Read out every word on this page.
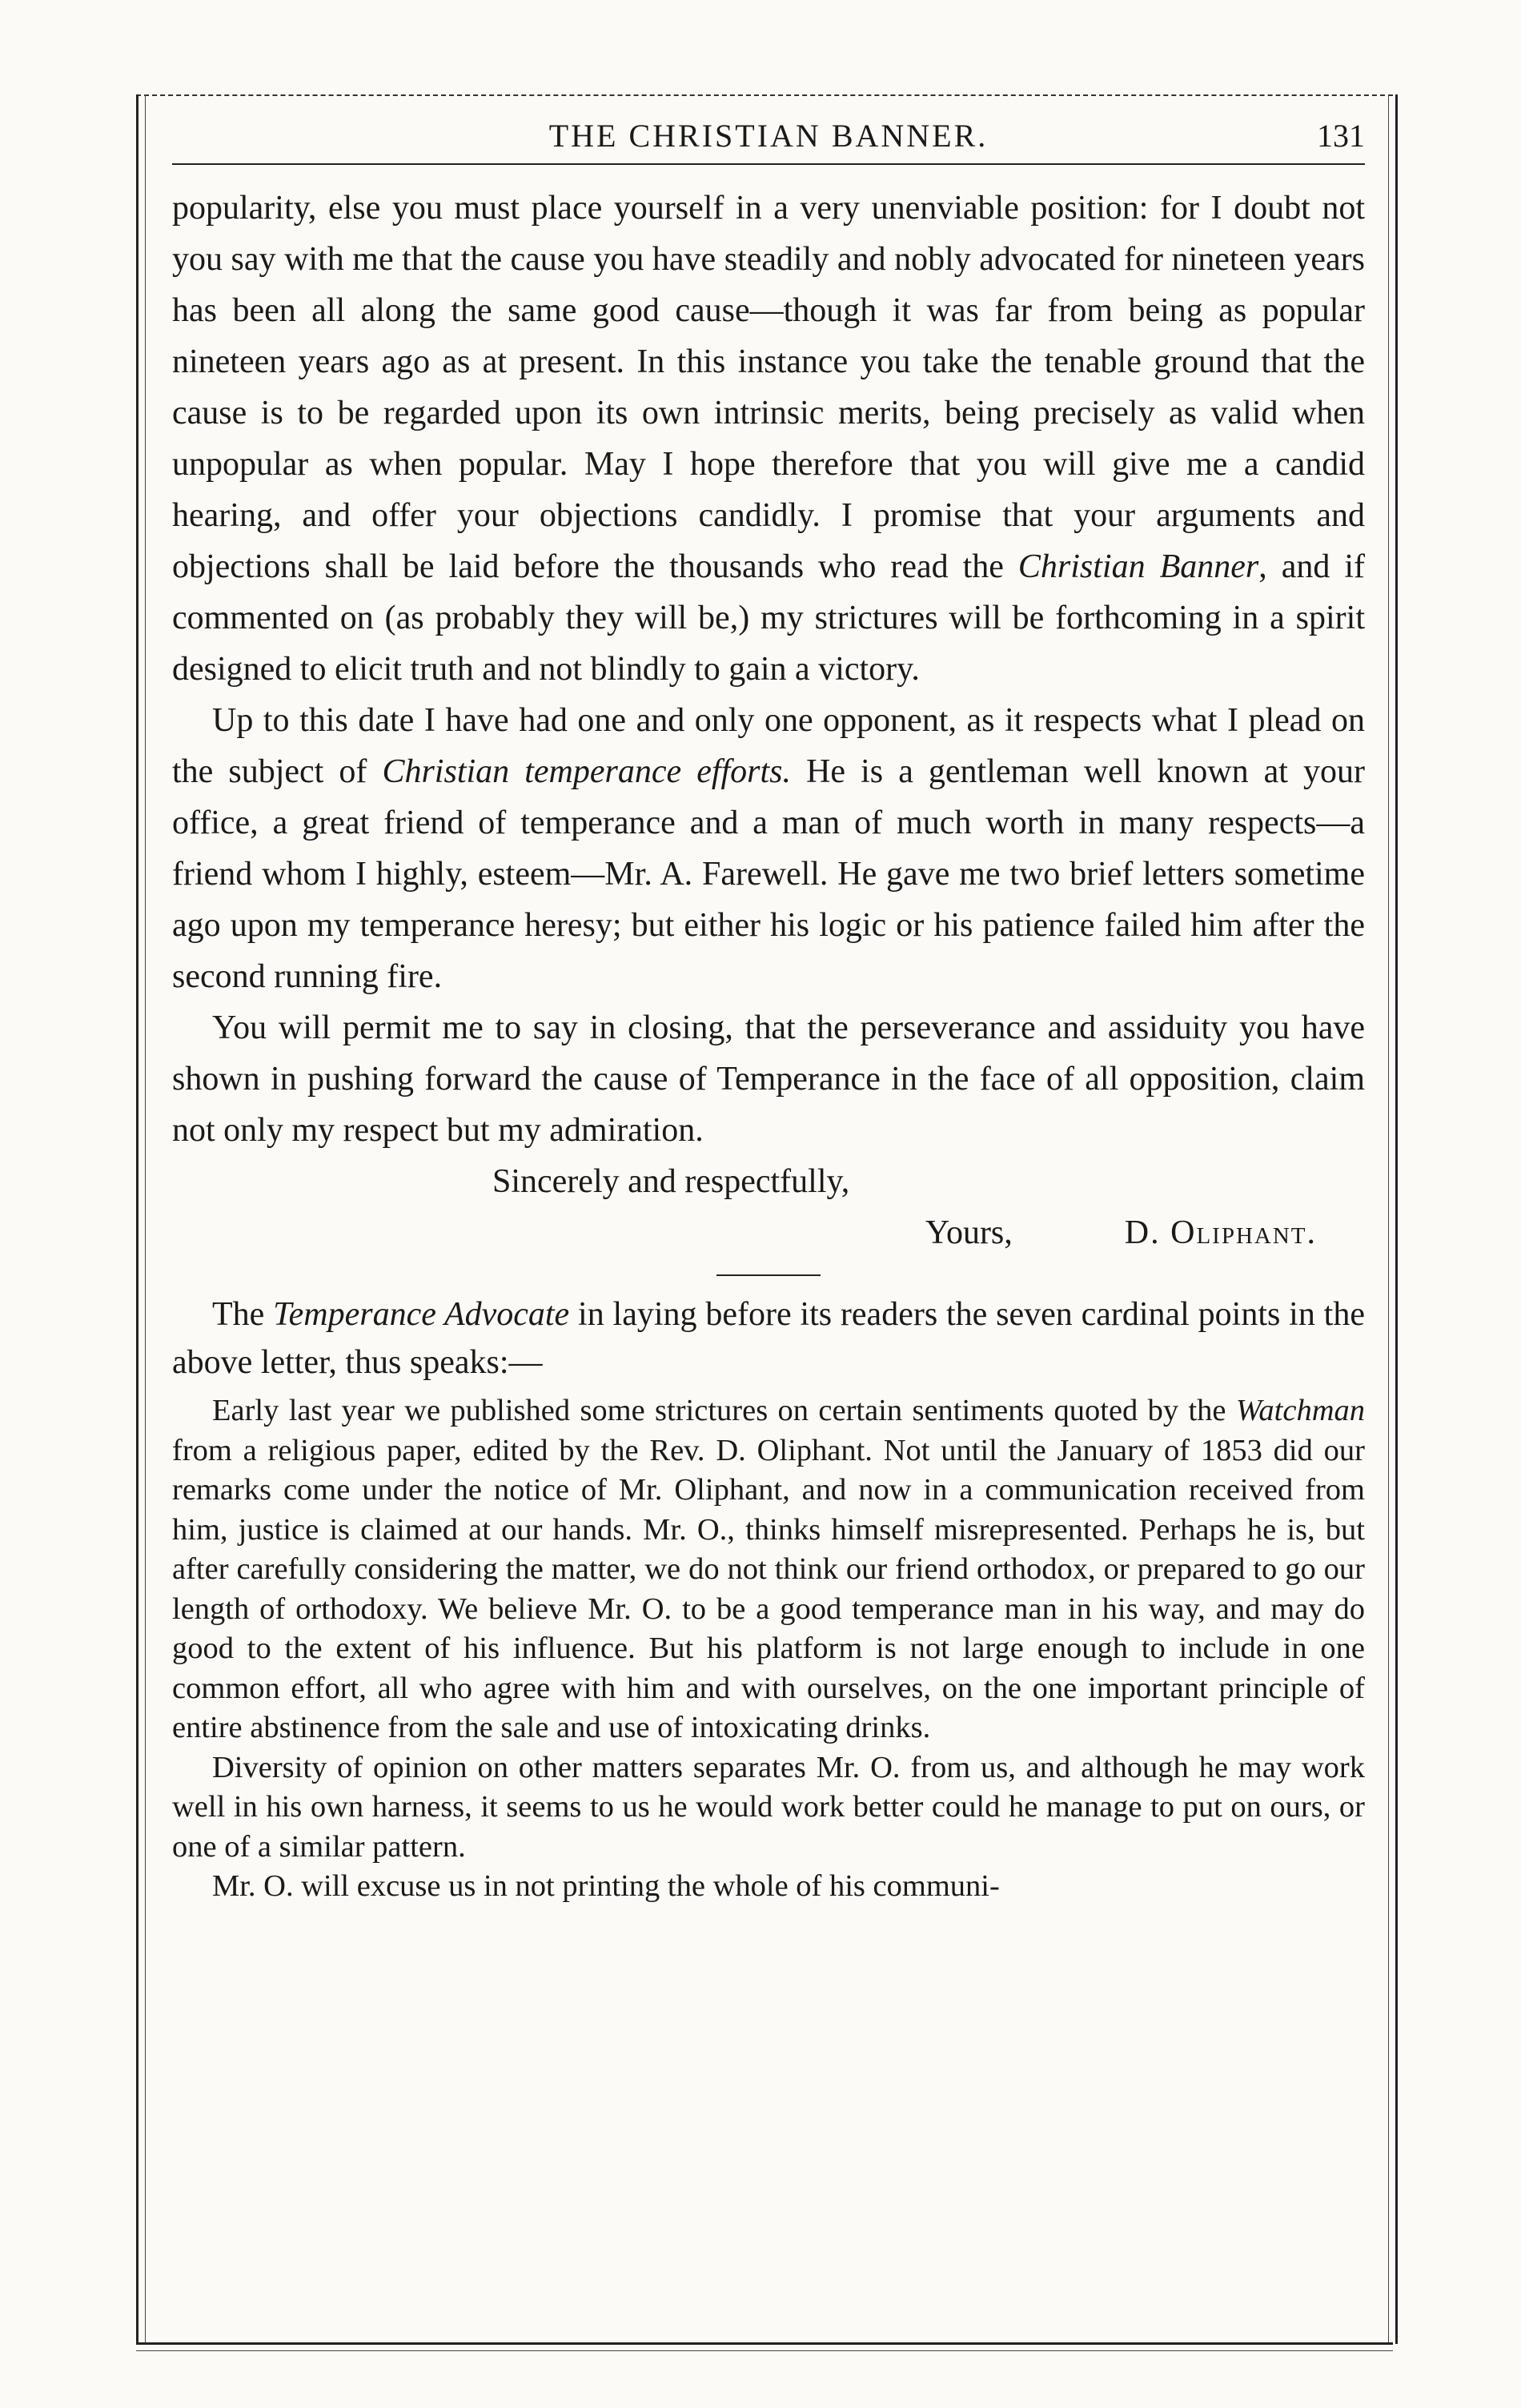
THE CHRISTIAN BANNER.	131

popularity, else you must place yourself in a very unenviable position: for I doubt not you say with me that the cause you have steadily and nobly advocated for nineteen years has been all along the same good cause—though it was far from being as popular nineteen years ago as at present. In this instance you take the tenable ground that the cause is to be regarded upon its own intrinsic merits, being precisely as valid when unpopular as when popular. May I hope therefore that you will give me a candid hearing, and offer your objections candidly. I promise that your arguments and objections shall be laid before the thousands who read the Christian Banner, and if commented on (as probably they will be,) my strictures will be forthcoming in a spirit designed to elicit truth and not blindly to gain a victory.

Up to this date I have had one and only one opponent, as it respects what I plead on the subject of Christian temperance efforts. He is a gentleman well known at your office, a great friend of temperance and a man of much worth in many respects—a friend whom I highly, esteem—Mr. A. Farewell. He gave me two brief letters sometime ago upon my temperance heresy; but either his logic or his patience failed him after the second running fire.

You will permit me to say in closing, that the perseverance and assiduity you have shown in pushing forward the cause of Temperance in the face of all opposition, claim not only my respect but my admiration.

Sincerely and respectfully,
Yours,	D. Oliphant.

The Temperance Advocate in laying before its readers the seven cardinal points in the above letter, thus speaks:—

Early last year we published some strictures on certain sentiments quoted by the Watchman from a religious paper, edited by the Rev. D. Oliphant. Not until the January of 1853 did our remarks come under the notice of Mr. Oliphant, and now in a communication received from him, justice is claimed at our hands. Mr. O., thinks himself misrepresented. Perhaps he is, but after carefully considering the matter, we do not think our friend orthodox, or prepared to go our length of orthodoxy. We believe Mr. O. to be a good temperance man in his way, and may do good to the extent of his influence. But his platform is not large enough to include in one common effort, all who agree with him and with ourselves, on the one important principle of entire abstinence from the sale and use of intoxicating drinks.

Diversity of opinion on other matters separates Mr. O. from us, and although he may work well in his own harness, it seems to us he would work better could he manage to put on ours, or one of a similar pattern.

Mr. O. will excuse us in not printing the whole of his communi-
